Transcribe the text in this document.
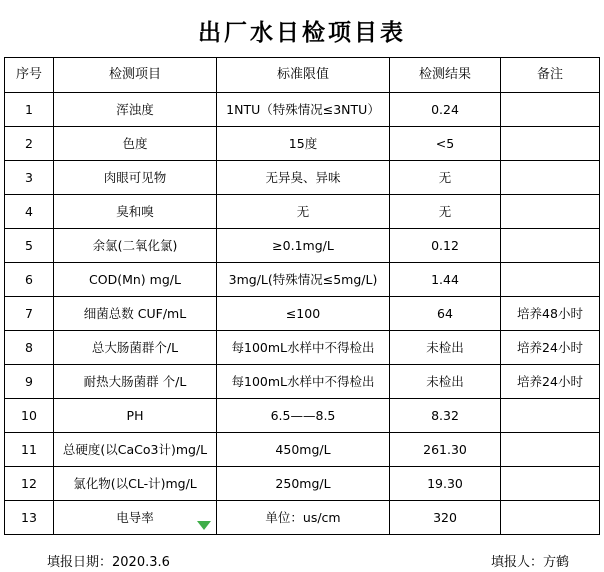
出厂水日检项目表
序号	检测项目	标准限值	检测结果	备注
1	浑浊度	1NTU（特殊情况≤3NTU）	0.24	
2	色度	15度	<5	
3	肉眼可见物	无异臭、异味	无	
4	臭和嗅	无	无	
5	余氯(二氧化氯)	≥0.1mg/L	0.12	
6	COD(Mn) mg/L	3mg/L(特殊情况≤5mg/L)	1.44	
7	细菌总数 CUF/mL	≤100	64	培养48小时
8	总大肠菌群个/L	每100mL水样中不得检出	未检出	培养24小时
9	耐热大肠菌群 个/L	每100mL水样中不得检出	未检出	培养24小时
10	PH	6.5——8.5	8.32	
11	总硬度(以CaCo3计)mg/L	450mg/L	261.30	
12	氯化物(以CL-计)mg/L	250mg/L	19.30	
13	电导率	单位：us/cm	320	
填报日期：2020.3.6	填报人：方鹤
